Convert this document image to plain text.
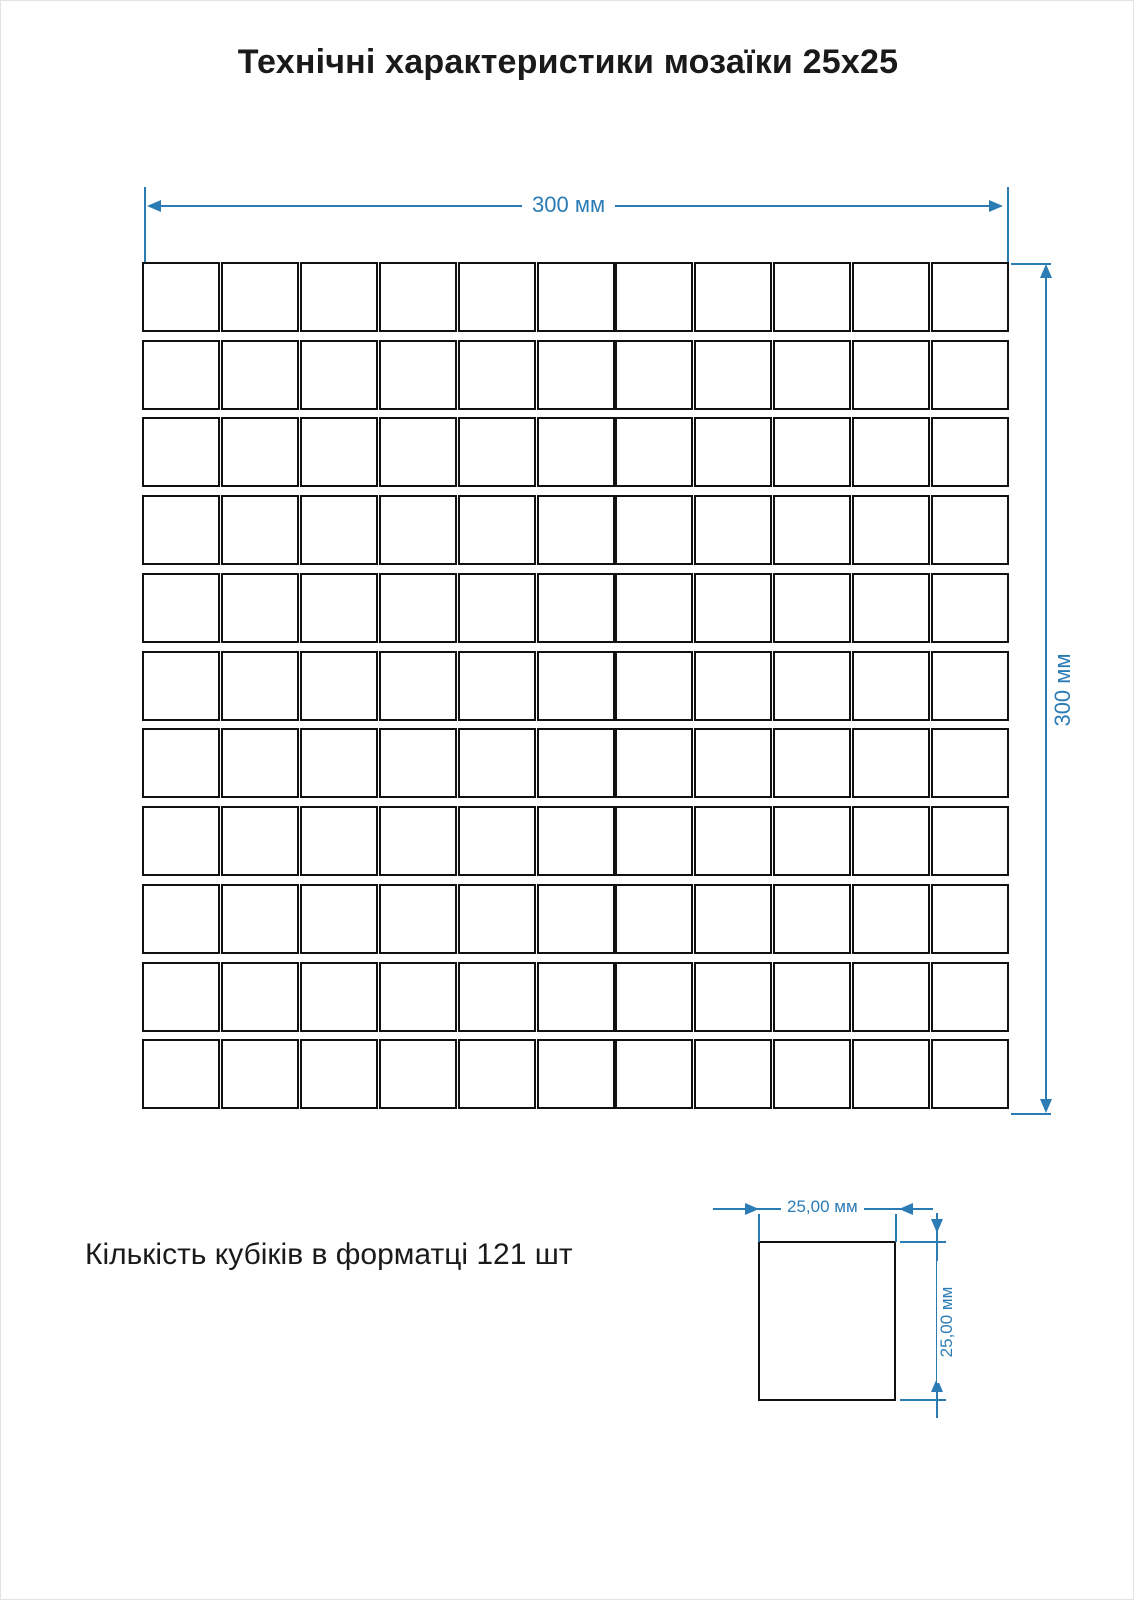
Технічні характеристики мозаїки 25x25
300 мм
300 мм
Кількість кубіків в форматці 121 шт
25,00 мм
25,00 мм
